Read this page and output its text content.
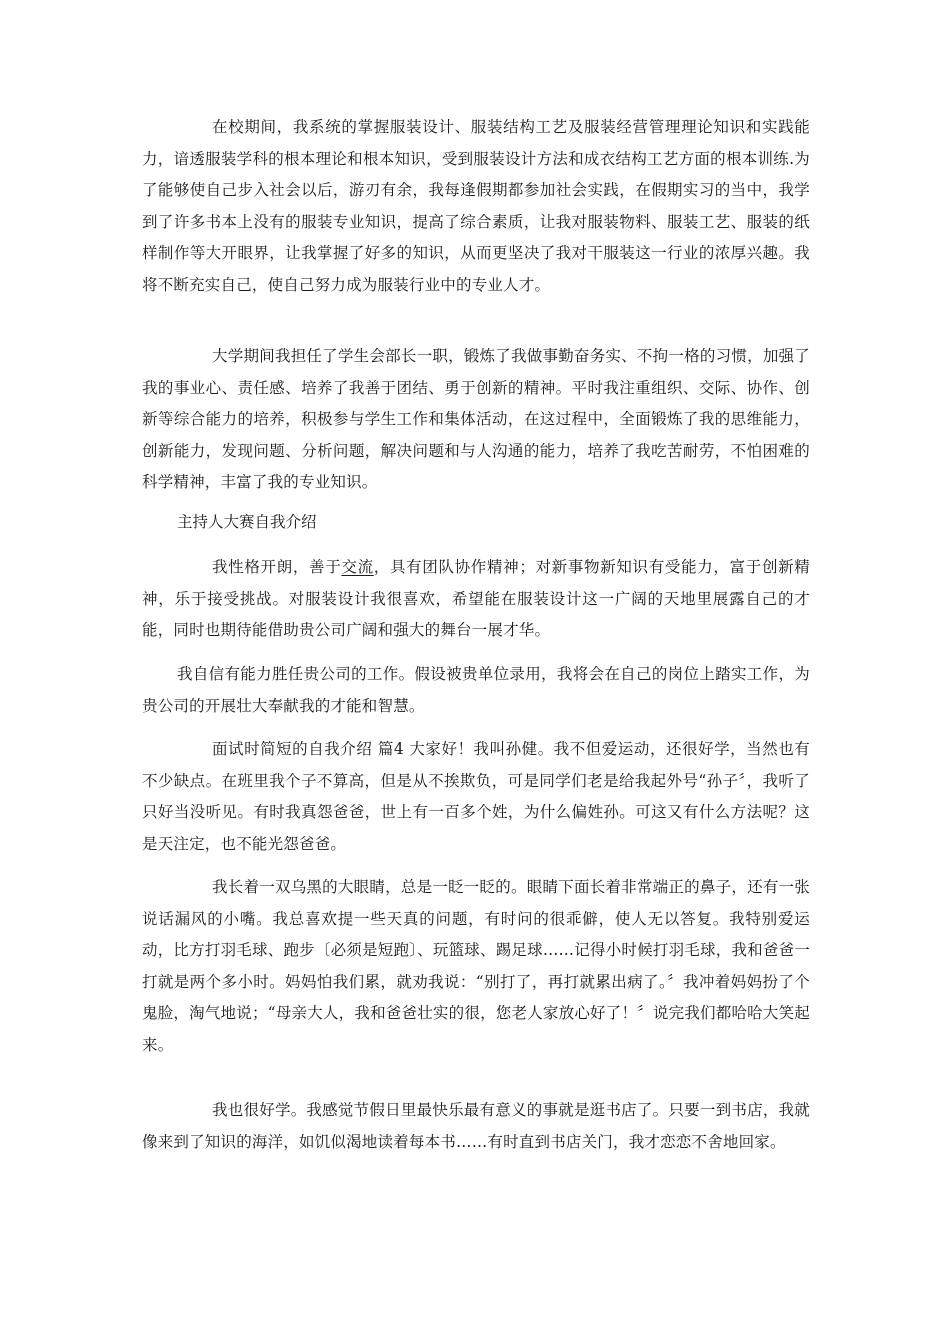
在校期间，我系统的掌握服装设计、服装结构工艺及服装经营管理理论知识和实践能力，谙透服装学科的根本理论和根本知识，受到服装设计方法和成衣结构工艺方面的根本训练.为了能够使自己步入社会以后，游刃有余，我每逢假期都参加社会实践，在假期实习的当中，我学到了许多书本上没有的服装专业知识，提高了综合素质，让我对服装物料、服装工艺、服装的纸样制作等大开眼界，让我掌握了好多的知识，从而更坚决了我对干服装这一行业的浓厚兴趣。我将不断充实自己，使自己努力成为服装行业中的专业人才。

大学期间我担任了学生会部长一职，锻炼了我做事勤奋务实、不拘一格的习惯，加强了我的事业心、责任感、培养了我善于团结、勇于创新的精神。平时我注重组织、交际、协作、创新等综合能力的培养，积极参与学生工作和集体活动，在这过程中，全面锻炼了我的思维能力，创新能力，发现问题、分析问题，解决问题和与人沟通的能力，培养了我吃苦耐劳，不怕困难的科学精神，丰富了我的专业知识。

主持人大赛自我介绍

我性格开朗，善于交流，具有团队协作精神；对新事物新知识有受能力，富于创新精神，乐于接受挑战。对服装设计我很喜欢，希望能在服装设计这一广阔的天地里展露自己的才能，同时也期待能借助贵公司广阔和强大的舞台一展才华。

我自信有能力胜任贵公司的工作。假设被贵单位录用，我将会在自己的岗位上踏实工作，为贵公司的开展壮大奉献我的才能和智慧。

面试时简短的自我介绍 篇4 大家好！我叫孙健。我不但爱运动，还很好学，当然也有不少缺点。在班里我个子不算高，但是从不挨欺负，可是同学们老是给我起外号“孙子〞，我听了只好当没听见。有时我真怨爸爸，世上有一百多个姓，为什么偏姓孙。可这又有什么方法呢？这是天注定，也不能光怨爸爸。

我长着一双乌黑的大眼睛，总是一眨一眨的。眼睛下面长着非常端正的鼻子，还有一张说话漏风的小嘴。我总喜欢提一些天真的问题，有时问的很乖僻，使人无以答复。我特别爱运动，比方打羽毛球、跑步〔必须是短跑〕、玩篮球、踢足球……记得小时候打羽毛球，我和爸爸一打就是两个多小时。妈妈怕我们累，就劝我说：“别打了，再打就累出病了。〞我冲着妈妈扮了个鬼脸，淘气地说；“母亲大人，我和爸爸壮实的很，您老人家放心好了！〞说完我们都哈哈大笑起来。

我也很好学。我感觉节假日里最快乐最有意义的事就是逛书店了。只要一到书店，我就像来到了知识的海洋，如饥似渴地读着每本书……有时直到书店关门，我才恋恋不舍地回家。
